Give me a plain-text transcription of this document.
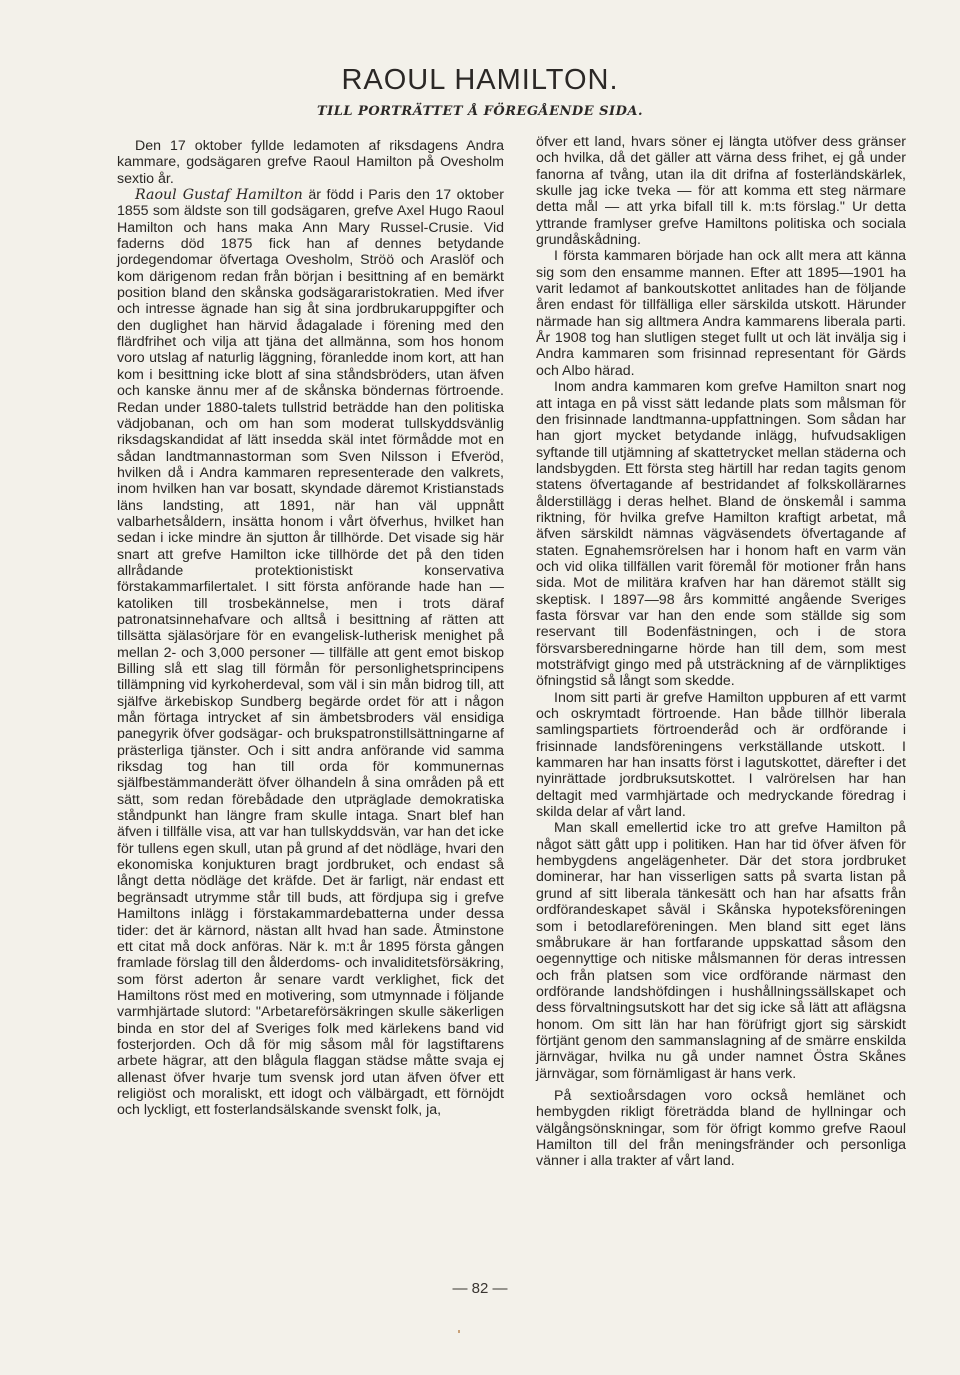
RAOUL HAMILTON.
TILL PORTRÄTTET Å FÖREGÅENDE SIDA.

Den 17 oktober fyllde ledamoten af riksdagens Andra kammare, godsägaren grefve Raoul Hamilton på Ovesholm sextio år.

Raoul Gustaf Hamilton är född i Paris den 17 oktober 1855 som äldste son till godsägaren, grefve Axel Hugo Raoul Hamilton och hans maka Ann Mary Russel-Crusie. Vid faderns död 1875 fick han af dennes betydande jordegendomar öfvertaga Ovesholm, Ströö och Araslöf och kom därigenom redan från början i besittning af en bemärkt position bland den skånska godsägararistokratien. Med ifver och intresse ägnade han sig åt sina jordbrukaruppgifter och den duglighet han härvid ådagalade i förening med den flärdfrihet och vilja att tjäna det allmänna, som hos honom voro utslag af naturlig läggning, föranledde inom kort, att han kom i besittning icke blott af sina ståndsbröders, utan äfven och kanske ännu mer af de skånska böndernas förtroende. Redan under 1880-talets tullstrid beträdde han den politiska vädjobanan, och om han som moderat tullskyddsvänlig riksdagskandidat af lätt insedda skäl intet förmådde mot en sådan landtmannastorman som Sven Nilsson i Efveröd, hvilken då i Andra kammaren representerade den valkrets, inom hvilken han var bosatt, skyndade däremot Kristianstads läns landsting, att 1891, när han väl uppnått valbarhetsåldern, insätta honom i vårt öfverhus, hvilket han sedan i icke mindre än sjutton år tillhörde. Det visade sig här snart att grefve Hamilton icke tillhörde det på den tiden allrådande protektionistiskt konservativa förstakammarfilertalet. I sitt första anförande hade han — katoliken till trosbekännelse, men i trots däraf patronatsinnehafvare och alltså i besittning af rätten att tillsätta själasörjare för en evangelisk-lutherisk menighet på mellan 2- och 3,000 personer — tillfälle att gent emot biskop Billing slå ett slag till förmån för personlighetsprincipens tillämpning vid kyrkoherdeval, som väl i sin mån bidrog till, att själfve ärkebiskop Sundberg begärde ordet för att i någon mån förtaga intrycket af sin ämbetsbroders väl ensidiga panegyrik öfver godsägar- och brukspatronstillsättningarne af prästerliga tjänster. Och i sitt andra anförande vid samma riksdag tog han till orda för kommunernas själfbestämmanderätt öfver ölhandeln å sina områden på ett sätt, som redan förebådade den utpräglade demokratiska ståndpunkt han längre fram skulle intaga. Snart blef han äfven i tillfälle visa, att var han tullskyddsvän, var han det icke för tullens egen skull, utan på grund af det nödläge, hvari den ekonomiska konjukturen bragt jordbruket, och endast så långt detta nödläge det kräfde. Det är farligt, när endast ett begränsadt utrymme står till buds, att fördjupa sig i grefve Hamiltons inlägg i förstakammardebatterna under dessa tider: det är kärnord, nästan allt hvad han sade. Åtminstone ett citat må dock anföras. När k. m:t år 1895 första gången framlade förslag till den ålderdoms- och invaliditetsförsäkring, som först aderton år senare vardt verklighet, fick det Hamiltons röst med en motivering, som utmynnade i följande varmhjärtade slutord: "Arbetareförsäkringen skulle säkerligen binda en stor del af Sveriges folk med kärlekens band vid fosterjorden. Och då för mig såsom mål för lagstiftarens arbete hägrar, att den blågula flaggan städse måtte svaja ej allenast öfver hvarje tum svensk jord utan äfven öfver ett religiöst och moraliskt, ett idogt och välbärgadt, ett förnöjdt och lyckligt, ett fosterlandsälskande svenskt folk, ja,

öfver ett land, hvars söner ej längta utöfver dess gränser och hvilka, då det gäller att värna dess frihet, ej gå under fanorna af tvång, utan ila dit drifna af fosterländskärlek, skulle jag icke tveka — för att komma ett steg närmare detta mål — att yrka bifall till k. m:ts förslag." Ur detta yttrande framlyser grefve Hamiltons politiska och sociala grundåskådning.

I första kammaren började han ock allt mera att känna sig som den ensamme mannen. Efter att 1895—1901 ha varit ledamot af bankoutskottet anlitades han de följande åren endast för tillfälliga eller särskilda utskott. Härunder närmade han sig alltmera Andra kammarens liberala parti. År 1908 tog han slutligen steget fullt ut och lät invälja sig i Andra kammaren som frisinnad representant för Gärds och Albo härad.

Inom andra kammaren kom grefve Hamilton snart nog att intaga en på visst sätt ledande plats som målsman för den frisinnade landtmanna-uppfattningen. Som sådan har han gjort mycket betydande inlägg, hufvudsakligen syftande till utjämning af skattetrycket mellan städerna och landsbygden. Ett första steg härtill har redan tagits genom statens öfvertagande af bestridandet af folkskollärarnes ålderstillägg i deras helhet. Bland de önskemål i samma riktning, för hvilka grefve Hamilton kraftigt arbetat, må äfven särskildt nämnas vägväsendets öfvertagande af staten. Egnahemsrörelsen har i honom haft en varm vän och vid olika tillfällen varit föremål för motioner från hans sida. Mot de militära krafven har han däremot ställt sig skeptisk. I 1897—98 års kommitté angående Sveriges fasta försvar var han den ende som ställde sig som reservant till Bodenfästningen, och i de stora försvarsberedningarne hörde han till dem, som mest motsträfvigt gingo med på utsträckning af de värnpliktiges öfningstid så långt som skedde.

Inom sitt parti är grefve Hamilton uppburen af ett varmt och oskrymtadt förtroende. Han både tillhör liberala samlingspartiets förtroenderåd och är ordförande i frisinnade landsföreningens verkställande utskott. I kammaren har han insatts först i lagutskottet, därefter i det nyinrättade jordbruksutskottet. I valrörelsen har han deltagit med varmhjärtade och medryckande föredrag i skilda delar af vårt land.

Man skall emellertid icke tro att grefve Hamilton på något sätt gått upp i politiken. Han har tid öfver äfven för hembygdens angelägenheter. Där det stora jordbruket dominerar, har han visserligen satts på svarta listan på grund af sitt liberala tänkesätt och han har afsatts från ordförandeskapet såväl i Skånska hypoteksföreningen som i betodlareföreningen. Men bland sitt eget läns småbrukare är han fortfarande uppskattad såsom den oegennyttige och nitiske målsmannen för deras intressen och från platsen som vice ordförande närmast den ordförande landshöfdingen i hushållningssällskapet och dess förvaltningsutskott har det sig icke så lätt att aflägsna honom. Om sitt län har han förüfrigt gjort sig särskidt förtjänt genom den sammanslagning af de smärre enskilda järnvägar, hvilka nu gå under namnet Östra Skånes järnvägar, som förnämligast är hans verk.

På sextioårsdagen voro också hemlänet och hembygden rikligt företrädda bland de hyllningar och välgångsönskningar, som för öfrigt kommo grefve Raoul Hamilton till del från meningsfränder och personliga vänner i alla trakter af vårt land.

— 82 —
